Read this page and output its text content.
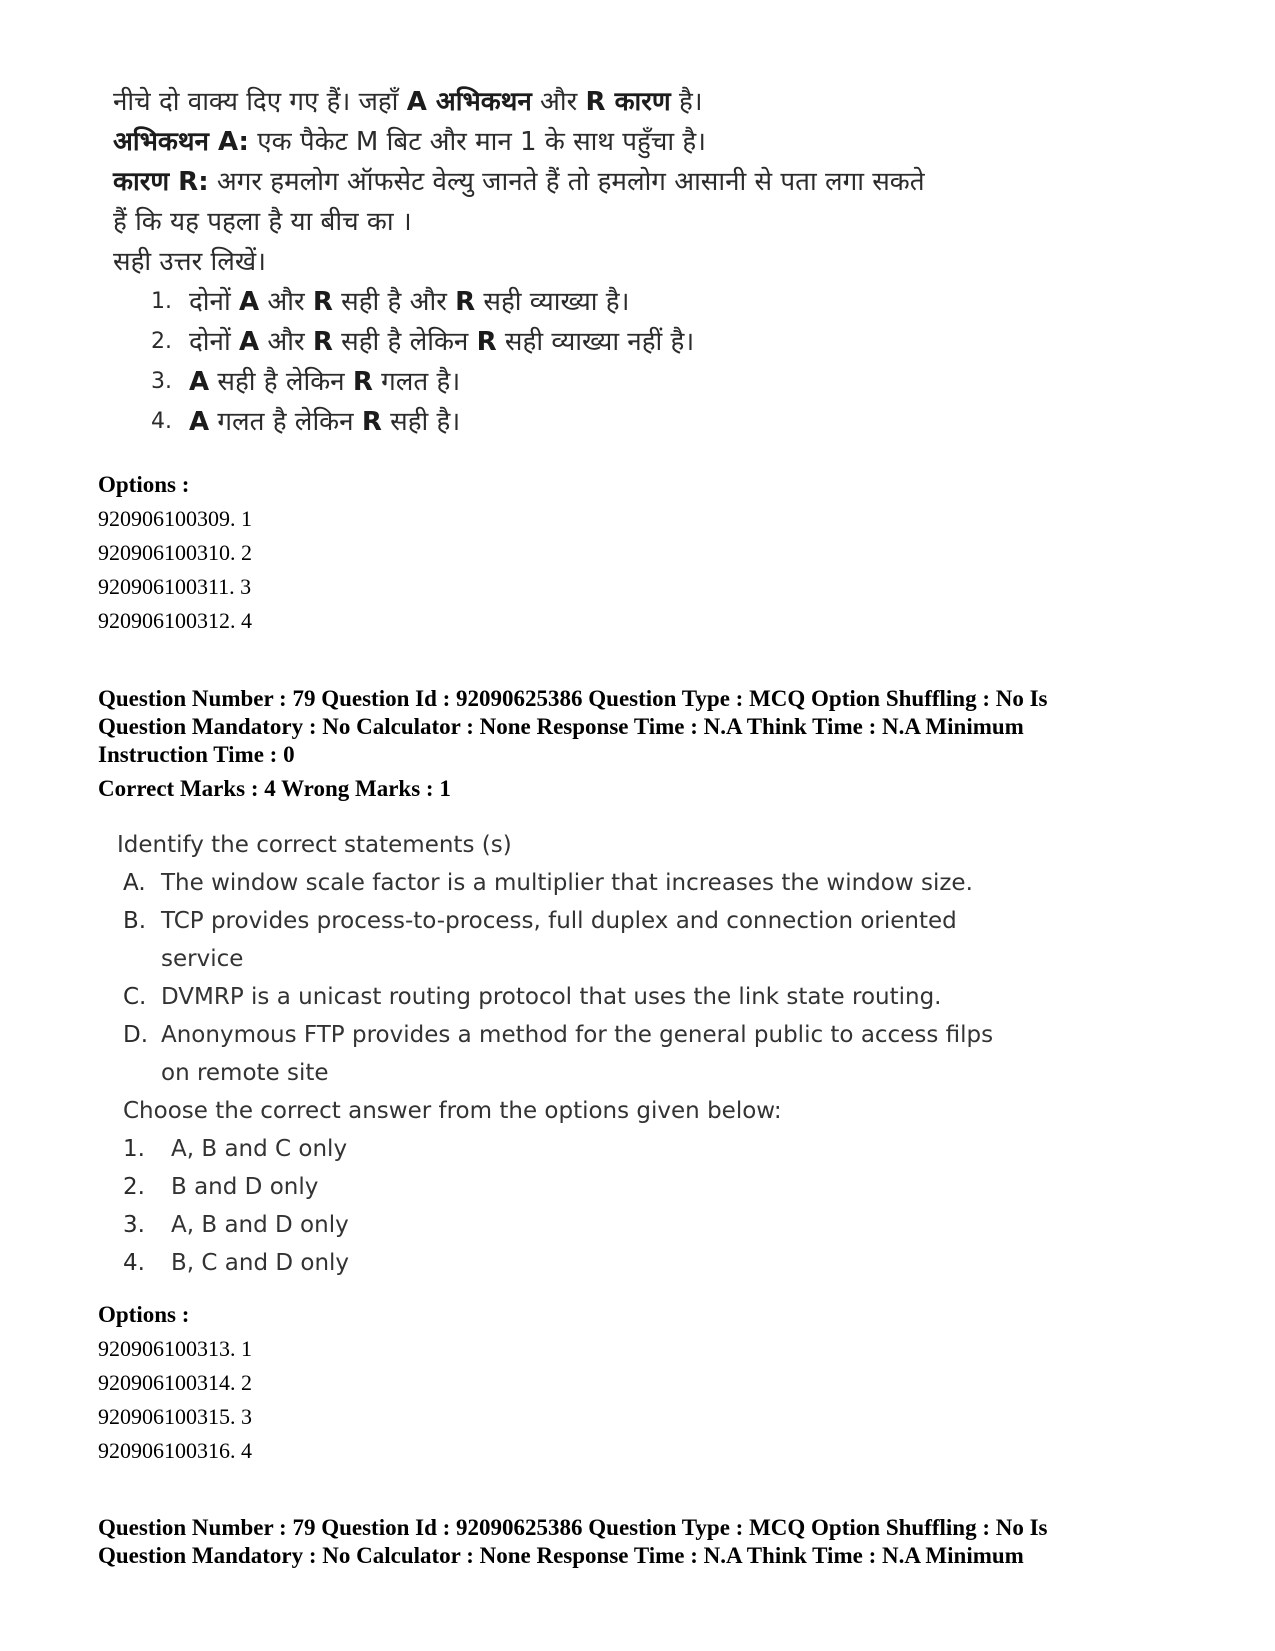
नीचे दो वाक्य दिए गए हैं। जहाँ A अभिकथन और R कारण है।
अभिकथन A: एक पैकेट M बिट और मान 1 के साथ पहुँचा है।
कारण R: अगर हमलोग ऑफसेट वेल्यु जानते हैं तो हमलोग आसानी से पता लगा सकते
हैं कि यह पहला है या बीच का ।
सही उत्तर लिखें।
1. दोनों A और R सही है और R सही व्याख्या है।
2. दोनों A और R सही है लेकिन R सही व्याख्या नहीं है।
3. A सही है लेकिन R गलत है।
4. A गलत है लेकिन R सही है।
Options :
920906100309. 1
920906100310. 2
920906100311. 3
920906100312. 4
Question Number : 79 Question Id : 92090625386 Question Type : MCQ Option Shuffling : No Is
Question Mandatory : No Calculator : None Response Time : N.A Think Time : N.A Minimum
Instruction Time : 0
Correct Marks : 4 Wrong Marks : 1
Identify the correct statements (s)
A. The window scale factor is a multiplier that increases the window size.
B. TCP provides process-to-process, full duplex and connection oriented
service
C. DVMRP is a unicast routing protocol that uses the link state routing.
D. Anonymous FTP provides a method for the general public to access filps
on remote site
Choose the correct answer from the options given below:
1.	A, B and C only
2.	B and D only
3.	A, B and D only
4.	B, C and D only
Options :
920906100313. 1
920906100314. 2
920906100315. 3
920906100316. 4
Question Number : 79 Question Id : 92090625386 Question Type : MCQ Option Shuffling : No Is
Question Mandatory : No Calculator : None Response Time : N.A Think Time : N.A Minimum
